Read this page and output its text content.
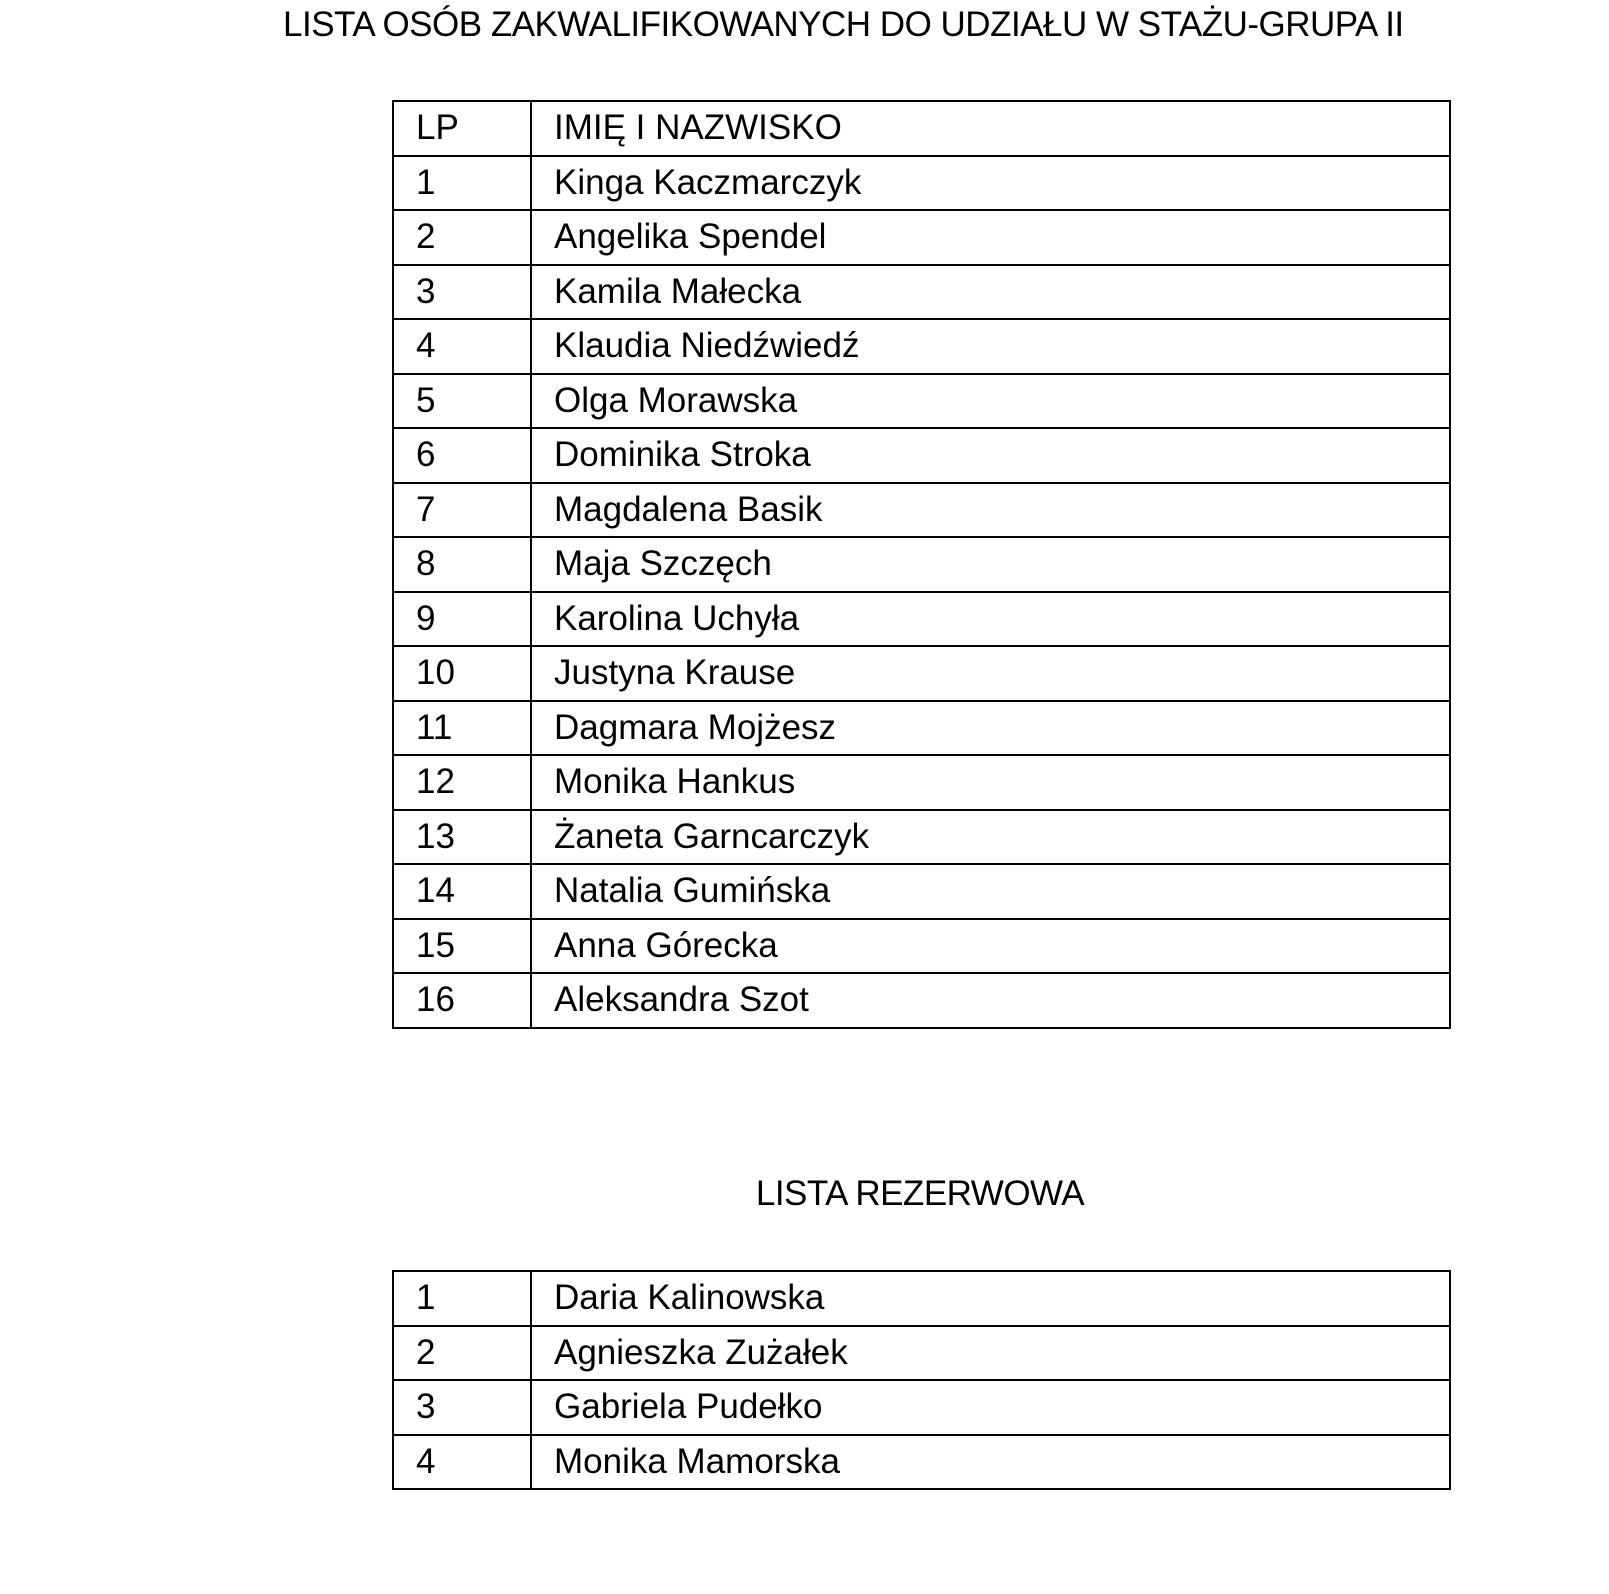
LISTA OSÓB ZAKWALIFIKOWANYCH DO UDZIAŁU W STAŻU-GRUPA II
LP	IMIĘ I NAZWISKO
1	Kinga Kaczmarczyk
2	Angelika Spendel
3	Kamila Małecka
4	Klaudia Niedźwiedź
5	Olga Morawska
6	Dominika Stroka
7	Magdalena Basik
8	Maja Szczęch
9	Karolina Uchyła
10	Justyna Krause
11	Dagmara Mojżesz
12	Monika Hankus
13	Żaneta Garncarczyk
14	Natalia Gumińska
15	Anna Górecka
16	Aleksandra Szot
LISTA REZERWOWA
1	Daria Kalinowska
2	Agnieszka Zużałek
3	Gabriela Pudełko
4	Monika Mamorska
